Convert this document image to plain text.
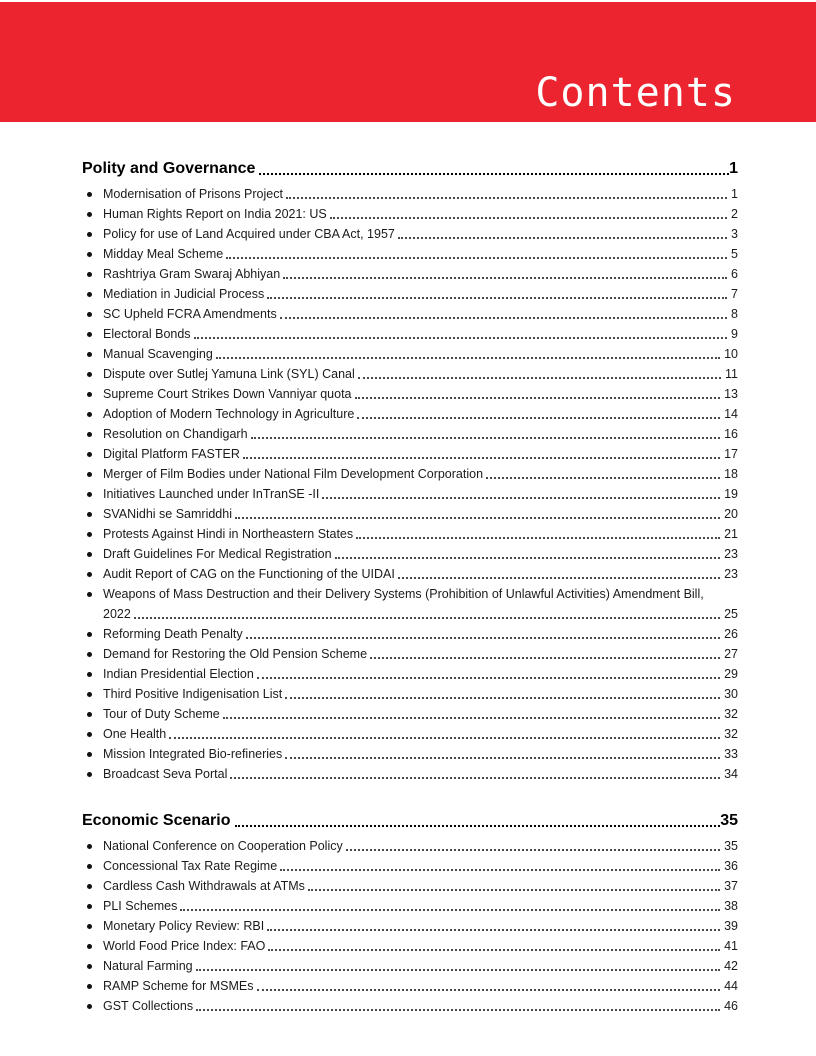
Contents
Polity and Governance	1
Modernisation of Prisons Project	1
Human Rights Report on India 2021: US	2
Policy for use of Land Acquired under CBA Act, 1957	3
Midday Meal Scheme	5
Rashtriya Gram Swaraj Abhiyan	6
Mediation in Judicial Process	7
SC Upheld FCRA Amendments	8
Electoral Bonds	9
Manual Scavenging	10
Dispute over Sutlej Yamuna Link (SYL) Canal	11
Supreme Court Strikes Down Vanniyar quota	13
Adoption of Modern Technology in Agriculture	14
Resolution on Chandigarh	16
Digital Platform FASTER	17
Merger of Film Bodies under National Film Development Corporation	18
Initiatives Launched under InTranSE -II	19
SVANidhi se Samriddhi	20
Protests Against Hindi in Northeastern States	21
Draft Guidelines For Medical Registration	23
Audit Report of CAG on the Functioning of the UIDAI	23
Weapons of Mass Destruction and their Delivery Systems (Prohibition of Unlawful Activities) Amendment Bill,
2022	25
Reforming Death Penalty	26
Demand for Restoring the Old Pension Scheme	27
Indian Presidential Election	29
Third Positive Indigenisation List	30
Tour of Duty Scheme	32
One Health	32
Mission Integrated Bio-refineries	33
Broadcast Seva Portal	34
Economic Scenario	35
National Conference on Cooperation Policy	35
Concessional Tax Rate Regime	36
Cardless Cash Withdrawals at ATMs	37
PLI Schemes	38
Monetary Policy Review: RBI	39
World Food Price Index: FAO	41
Natural Farming	42
RAMP Scheme for MSMEs	44
GST Collections	46
